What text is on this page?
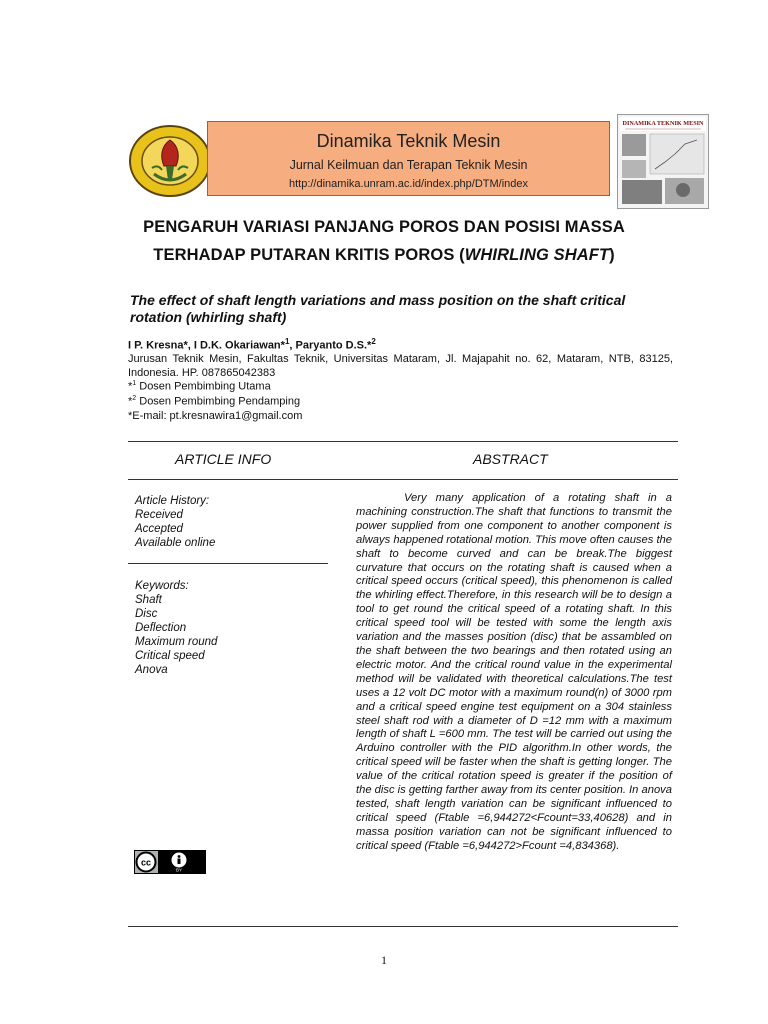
Dinamika Teknik Mesin
Jurnal Keilmuan dan Terapan Teknik Mesin
http://dinamika.unram.ac.id/index.php/DTM/index
DINAMIKA TEKNIK MESIN
PENGARUH VARIASI PANJANG POROS DAN POSISI MASSA
TERHADAP PUTARAN KRITIS POROS (WHIRLING SHAFT)
The effect of shaft length variations and mass position on the shaft critical rotation (whirling shaft)
I P. Kresna*, I D.K. Okariawan*$^1$, Paryanto D.S.*$^2$
Jurusan Teknik Mesin, Fakultas Teknik, Universitas Mataram, Jl. Majapahit no. 62, Mataram, NTB, 83125, Indonesia. HP. 087865042383
*$^1$ Dosen Pembimbing Utama
*$^2$ Dosen Pembimbing Pendamping
*E-mail: pt.kresnawira1@gmail.com
ARTICLE INFO	ABSTRACT
Article History:
Received
Accepted
Available online
Keywords:
Shaft
Disc
Deflection
Maximum round
Critical speed
Anova
cc
BY

Very many application of a rotating shaft in a machining construction.The shaft that functions to transmit the power supplied from one component to another component is always happened rotational motion. This move often causes the shaft to become curved and can be break.The biggest curvature that occurs on the rotating shaft is caused when a critical speed occurs (critical speed), this phenomenon is called the whirling effect.Therefore, in this research will be to design a tool to get round the critical speed of a rotating shaft. In this critical speed tool will be tested with some the length axis variation and the masses position (disc) that be assambled on the shaft between the two bearings and then rotated using an electric motor. And the critical round value in the experimental method will be validated with theoretical calculations.The test uses a 12 volt DC motor with a maximum round(n) of 3000 rpm and a critical speed engine test equipment on a 304 stainless steel shaft rod with a diameter of D =12 mm with a maximum length of shaft L =600 mm. The test will be carried out using the Arduino controller with the PID algorithm.In other words, the critical speed will be faster when the shaft is getting longer. The value of the critical rotation speed is greater if the position of the disc is getting farther away from its center position. In anova tested, shaft length variation can be significant influenced to critical speed (Ftable =6,944272<Fcount=33,40628) and in massa position variation can not be significant influenced to critical speed (Ftable =6,944272>Fcount =4,834368).

1
